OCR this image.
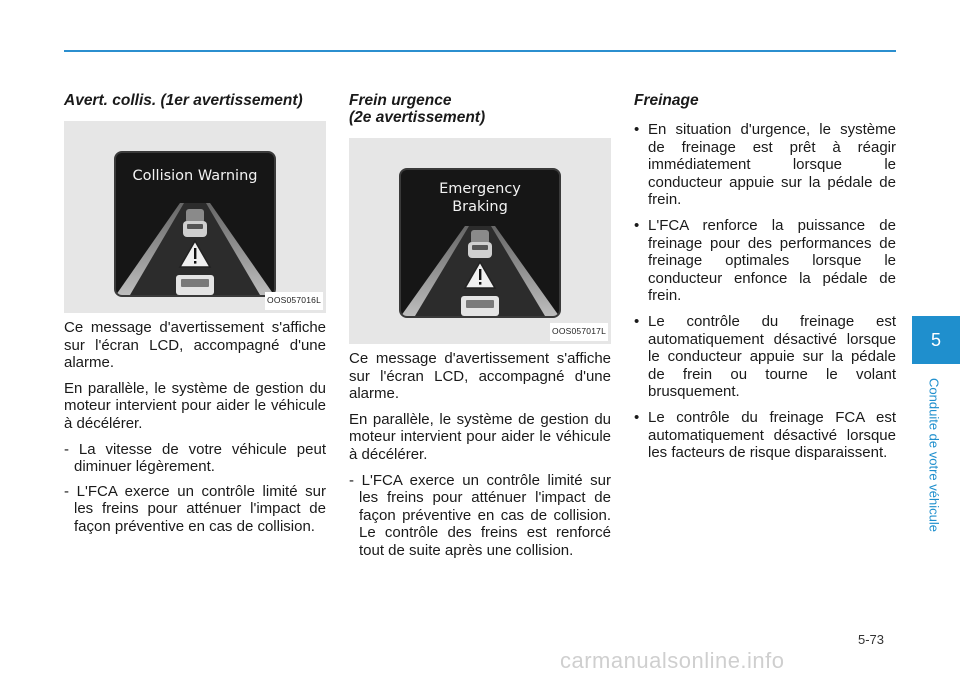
Avert. collis. (1er avertissement)
Collision Warning
OOS057016L

Ce message d'avertissement s'affiche sur l'écran LCD, accompagné d'une alarme.

En parallèle, le système de gestion du moteur intervient pour aider le véhicule à décélérer.

- La vitesse de votre véhicule peut diminuer légèrement.

- L'FCA exerce un contrôle limité sur les freins pour atténuer l'impact de façon préventive en cas de collision.

Frein urgence
(2e avertissement)
Emergency
Braking
OOS057017L

Ce message d'avertissement s'affiche sur l'écran LCD, accompagné d'une alarme.

En parallèle, le système de gestion du moteur intervient pour aider le véhicule à décélérer.

- L'FCA exerce un contrôle limité sur les freins pour atténuer l'impact de façon préventive en cas de collision. Le contrôle des freins est renforcé tout de suite après une collision.

Freinage
• En situation d'urgence, le système de freinage est prêt à réagir immédiatement lorsque le conducteur appuie sur la pédale de frein.
• L'FCA renforce la puissance de freinage pour des performances de freinage optimales lorsque le conducteur enfonce la pédale de frein.
• Le contrôle du freinage est automatiquement désactivé lorsque le conducteur appuie sur la pédale de frein ou tourne le volant brusquement.
• Le contrôle du freinage FCA est automatiquement désactivé lorsque les facteurs de risque disparaissent.
5
Conduite de votre véhicule
5-73
carmanualsonline.info
